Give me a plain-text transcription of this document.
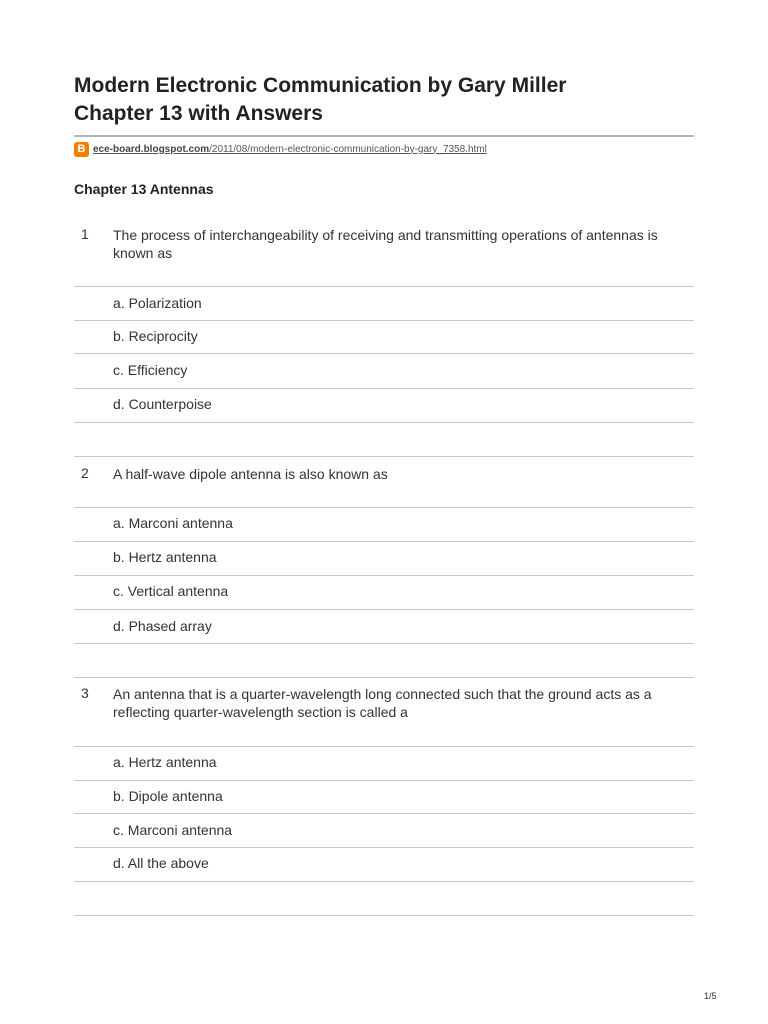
Modern Electronic Communication by Gary Miller
Chapter 13 with Answers
B ece-board.blogspot.com/2011/08/modern-electronic-communication-by-gary_7358.html
Chapter 13 Antennas
1 The process of interchangeability of receiving and transmitting operations of antennas is known as
a. Polarization
b. Reciprocity
c. Efficiency
d. Counterpoise
2 A half-wave dipole antenna is also known as
a. Marconi antenna
b. Hertz antenna
c. Vertical antenna
d. Phased array
3 An antenna that is a quarter-wavelength long connected such that the ground acts as a reflecting quarter-wavelength section is called a
a. Hertz antenna
b. Dipole antenna
c. Marconi antenna
d. All the above
1/5
